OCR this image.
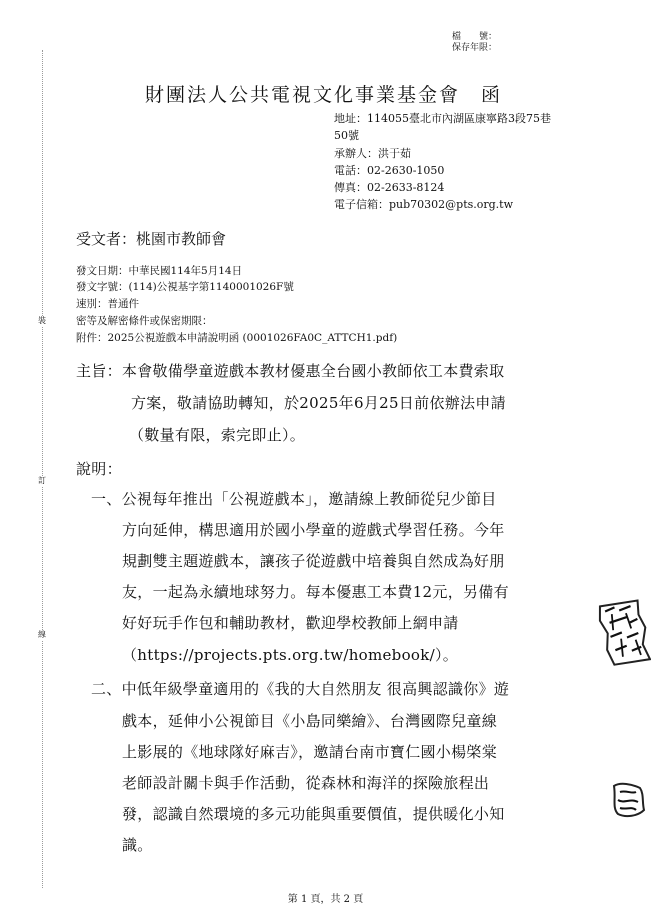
裝
訂
線
檔　　號：
保存年限：
財團法人公共電視文化事業基金會　函
地址：114055臺北市內湖區康寧路3段75巷
50號
承辦人：洪于茹
電話：02-2630-1050
傳真：02-2633-8124
電子信箱：pub70302@pts.org.tw
受文者：桃園市教師會
發文日期：中華民國114年5月14日
發文字號：(114)公視基字第1140001026F號
速別：普通件
密等及解密條件或保密期限：
附件：2025公視遊戲本申請說明函 (0001026FA0C_ATTCH1.pdf)
主旨：本會敬備學童遊戲本教材優惠全台國小教師依工本費索取
方案，敬請協助轉知，於2025年6月25日前依辦法申請
（數量有限，索完即止）。
說明：
一、公視每年推出「公視遊戲本」，邀請線上教師從兒少節目
方向延伸，構思適用於國小學童的遊戲式學習任務。今年
規劃雙主題遊戲本，讓孩子從遊戲中培養與自然成為好朋
友，一起為永續地球努力。每本優惠工本費12元，另備有
好好玩手作包和輔助教材，歡迎學校教師上網申請
（https://projects.pts.org.tw/homebook/）。
二、中低年級學童適用的《我的大自然朋友 很高興認識你》遊
戲本，延伸小公視節目《小島同樂繪》、台灣國際兒童線
上影展的《地球隊好麻吉》，邀請台南市寶仁國小楊棨棠
老師設計關卡與手作活動，從森林和海洋的探險旅程出
發，認識自然環境的多元功能與重要價值，提供暖化小知
識。
第 1 頁，共 2 頁
